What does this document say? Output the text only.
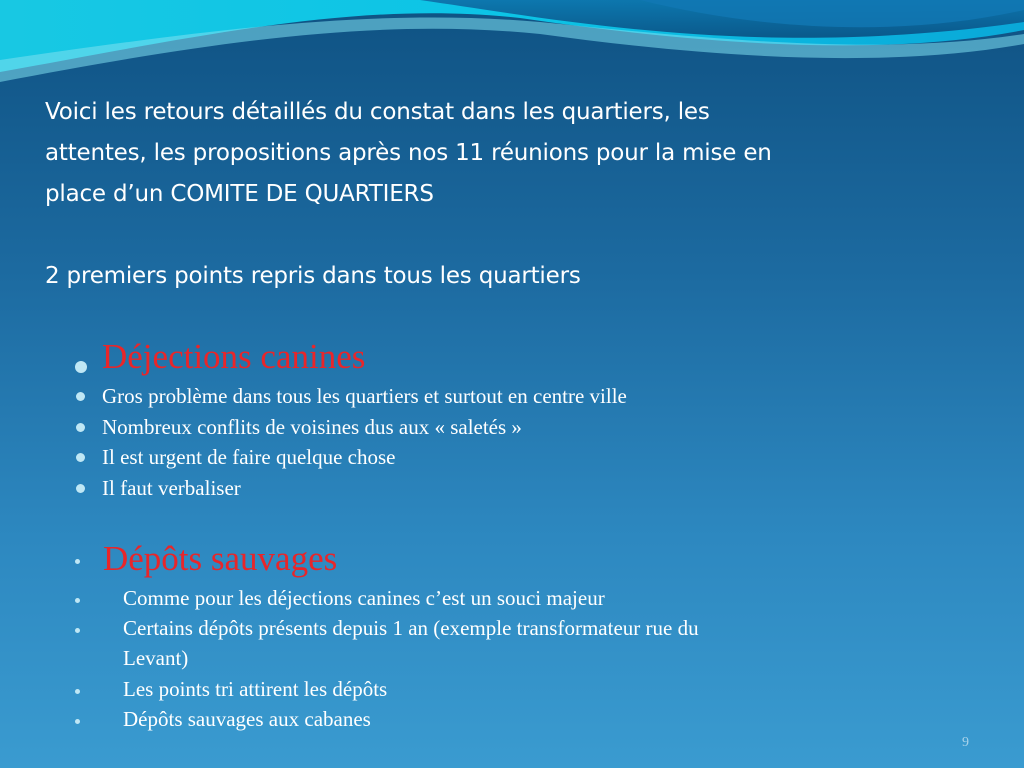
Voici les retours détaillés du constat dans les quartiers, les

attentes, les propositions après nos 11 réunions pour la mise en

place d’un COMITE DE QUARTIERS

2 premiers points repris dans tous les quartiers

Déjections canines
Gros problème dans tous les quartiers et surtout en centre ville
Nombreux conflits de voisines dus aux « saletés »
Il est urgent de faire quelque chose
Il faut verbaliser
Dépôts sauvages
Comme pour les déjections canines c’est un souci majeur
Certains dépôts présents depuis 1 an (exemple transformateur rue du
Levant)
Les points tri attirent les dépôts
Dépôts sauvages aux cabanes
9
